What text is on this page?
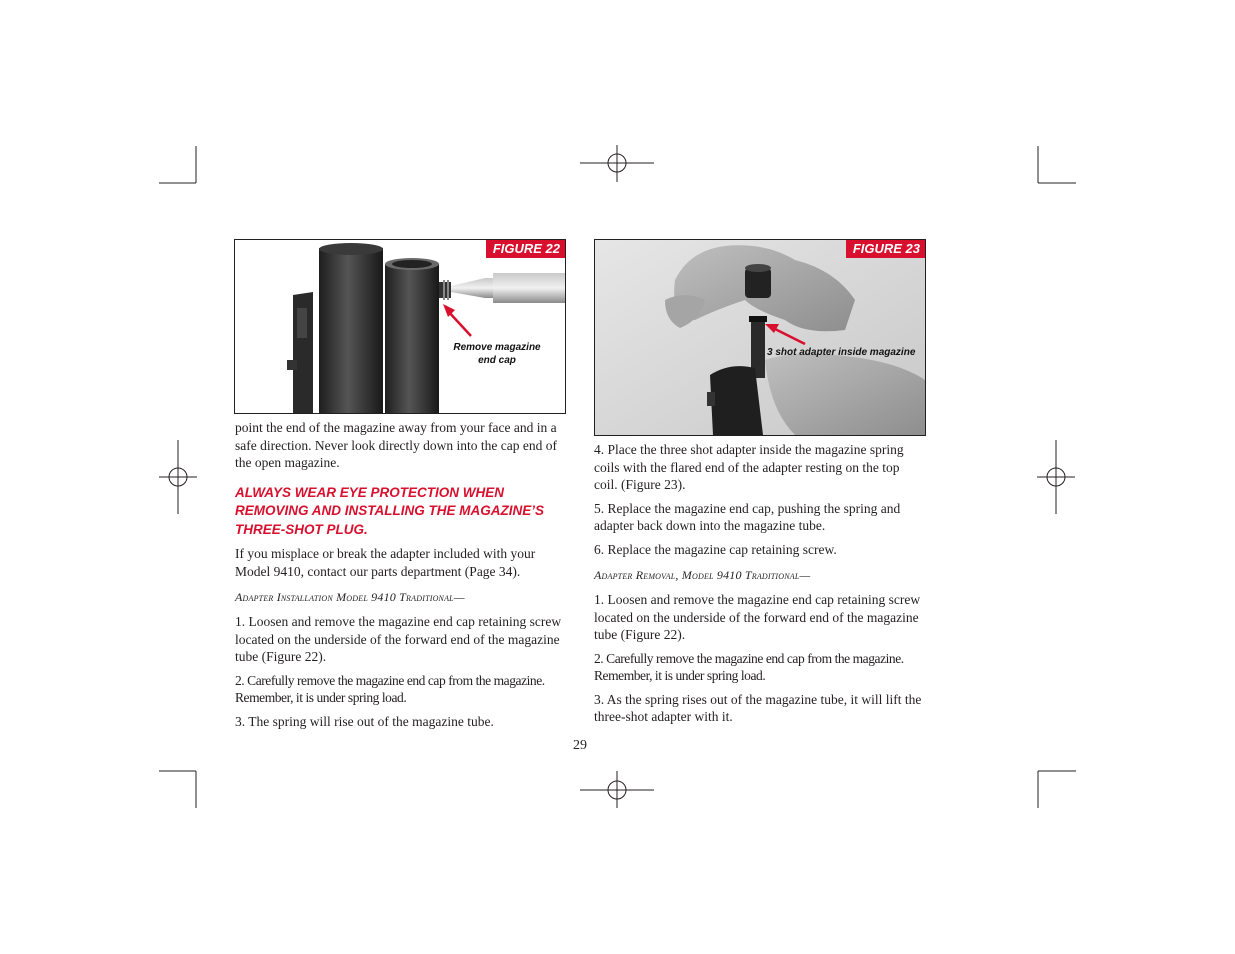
FIGURE 22
Remove magazine
end cap
FIGURE 23
3 shot adapter inside magazine

point the end of the magazine away from your face and in a safe direction. Never look directly down into the cap end of the open magazine.

ALWAYS WEAR EYE PROTECTION WHEN
REMOVING AND INSTALLING THE MAGAZINE’S
THREE-SHOT PLUG.

If you misplace or break the adapter included with your Model 9410, contact our parts department (Page 34).

Adapter Installation Model 9410 Traditional—

1. Loosen and remove the magazine end cap retaining screw located on the underside of the forward end of the magazine tube (Figure 22).

2. Carefully remove the magazine end cap from the magazine. Remember, it is under spring load.

3. The spring will rise out of the magazine tube.

4. Place the three shot adapter inside the magazine spring coils with the flared end of the adapter resting on the top coil. (Figure 23).

5. Replace the magazine end cap, pushing the spring and adapter back down into the magazine tube.

6. Replace the magazine cap retaining screw.

Adapter Removal, Model 9410 Traditional—

1. Loosen and remove the magazine end cap retaining screw located on the underside of the forward end of the magazine tube (Figure 22).

2. Carefully remove the magazine end cap from the magazine. Remember, it is under spring load.

3. As the spring rises out of the magazine tube, it will lift the three-shot adapter with it.

29
